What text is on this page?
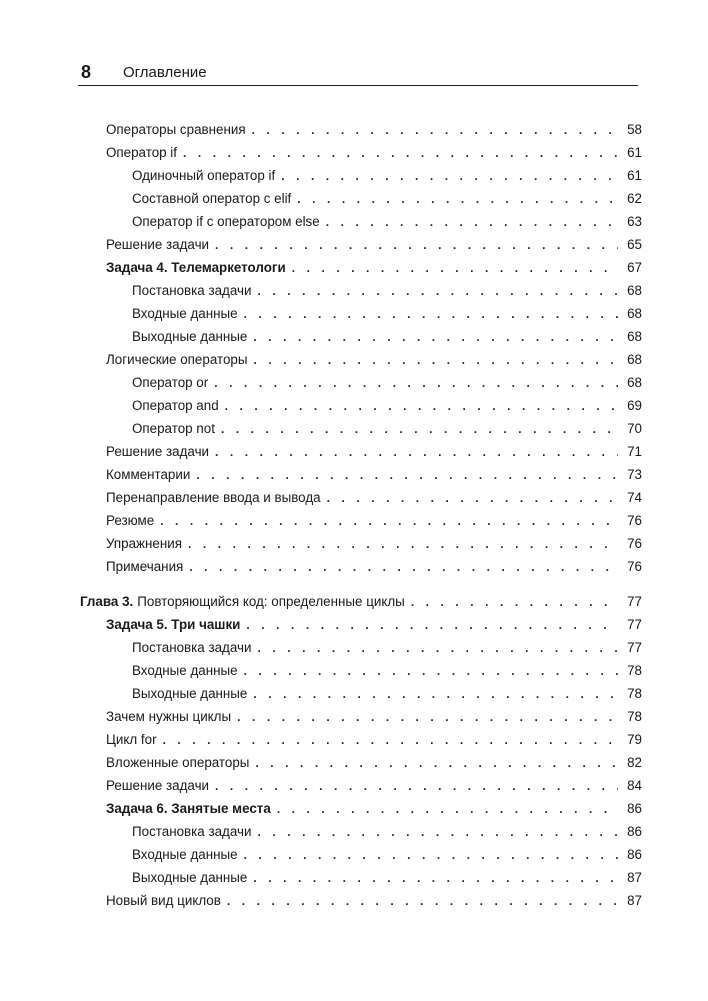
8 Оглавление
Операторы сравнения . . .	58
Оператор if . . .	61
Одиночный оператор if . . .	61
Составной оператор с elif . . .	62
Оператор if с оператором else . . .	63
Решение задачи . . .	65
Задача 4. Телемаркетологи . . .	67
Постановка задачи . . .	68
Входные данные . . .	68
Выходные данные . . .	68
Логические операторы . . .	68
Оператор or . . .	68
Оператор and . . .	69
Оператор not . . .	70
Решение задачи . . .	71
Комментарии . . .	73
Перенаправление ввода и вывода . . .	74
Резюме . . .	76
Упражнения . . .	76
Примечания . . .	76
Глава 3. Повторяющийся код: определенные циклы . . .	77
Задача 5. Три чашки . . .	77
Постановка задачи . . .	77
Входные данные . . .	78
Выходные данные . . .	78
Зачем нужны циклы . . .	78
Цикл for . . .	79
Вложенные операторы . . .	82
Решение задачи . . .	84
Задача 6. Занятые места . . .	86
Постановка задачи . . .	86
Входные данные . . .	86
Выходные данные . . .	87
Новый вид циклов . . .	87
